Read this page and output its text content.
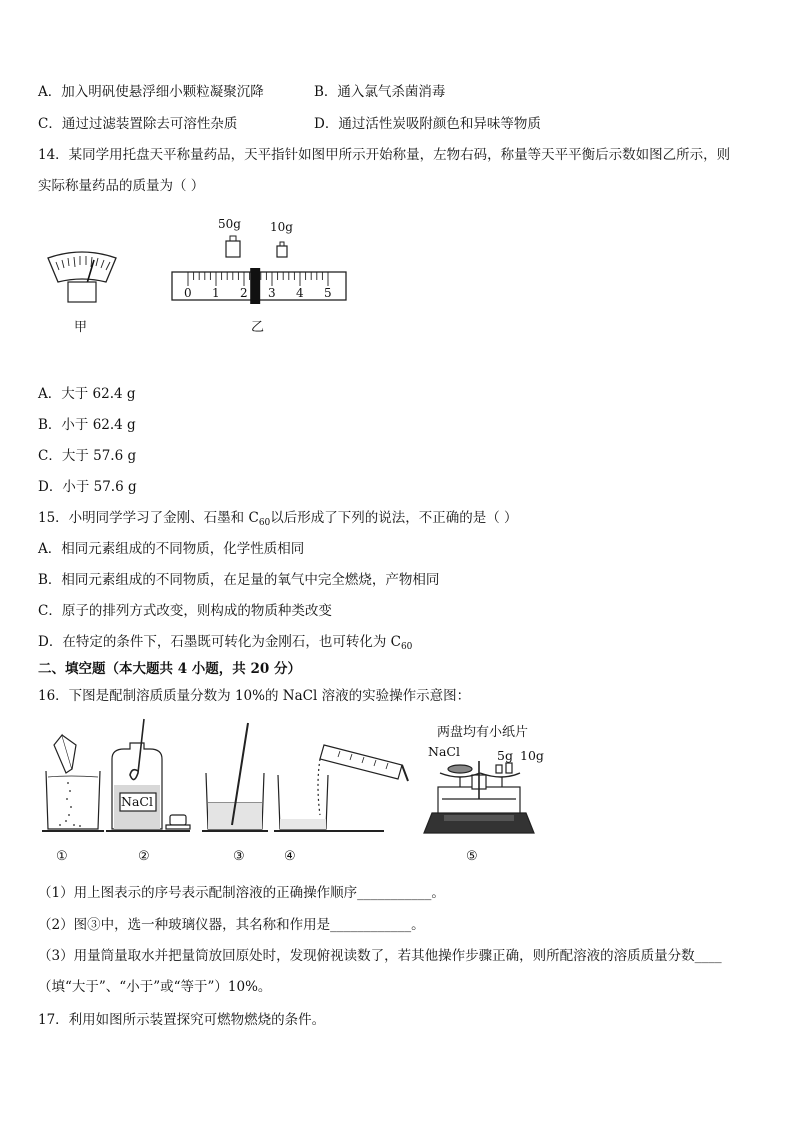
A．加入明矾使悬浮细小颗粒凝聚沉降	B．通入氯气杀菌消毒
C．通过过滤装置除去可溶性杂质	D．通过活性炭吸附颜色和异味等物质
14．某同学用托盘天平称量药品，天平指针如图甲所示开始称量，左物右码，称量等天平平衡后示数如图乙所示，则
实际称量药品的质量为（ ）
甲
50g 10g
0 1 2 3 4 5
乙
A．大于 62.4 g
B．小于 62.4 g
C．大于 57.6 g
D．小于 57.6 g
15．小明同学学习了金刚、石墨和 $C_{60}$以后形成了下列的说法，不正确的是（ ）
A．相同元素组成的不同物质，化学性质相同
B．相同元素组成的不同物质，在足量的氧气中完全燃烧，产物相同
C．原子的排列方式改变，则构成的物质种类改变
D．在特定的条件下，石墨既可转化为金刚石，也可转化为 $C_{60}$
二、填空题（本大题共 4 小题，共 20 分）
16．下图是配制溶质质量分数为 10%的 NaCl 溶液的实验操作示意图：
两盘均有小纸片
NaCl
NaCl	5g 10g
①	②	③	④	⑤
（1）用上图表示的序号表示配制溶液的正确操作顺序___________。
（2）图③中，选一种玻璃仪器，其名称和作用是____________。
（3）用量筒量取水并把量筒放回原处时，发现俯视读数了，若其他操作步骤正确，则所配溶液的溶质质量分数____
（填“大于”、“小于”或“等于”）10%。
17．利用如图所示装置探究可燃物燃烧的条件。
